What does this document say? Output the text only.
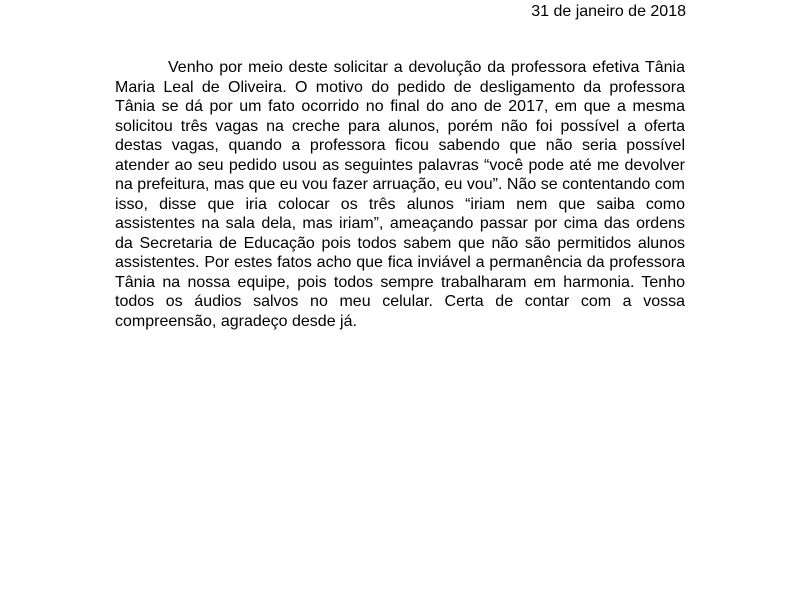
31 de janeiro de 2018

Venho por meio deste solicitar a devolução da professora efetiva Tânia Maria Leal de Oliveira. O motivo do pedido de desligamento da professora Tânia se dá por um fato ocorrido no final do ano de 2017, em que a mesma solicitou três vagas na creche para alunos, porém não foi possível a oferta destas vagas, quando a professora ficou sabendo que não seria possível atender ao seu pedido usou as seguintes palavras “você pode até me devolver na prefeitura, mas que eu vou fazer arruação, eu vou”. Não se contentando com isso, disse que iria colocar os três alunos “iriam nem que saiba como assistentes na sala dela, mas iriam”, ameaçando passar por cima das ordens da Secretaria de Educação pois todos sabem que não são permitidos alunos assistentes. Por estes fatos acho que fica inviável a permanência da professora Tânia na nossa equipe, pois todos sempre trabalharam em harmonia. Tenho todos os áudios salvos no meu celular. Certa de contar com a vossa compreensão, agradeço desde já.
